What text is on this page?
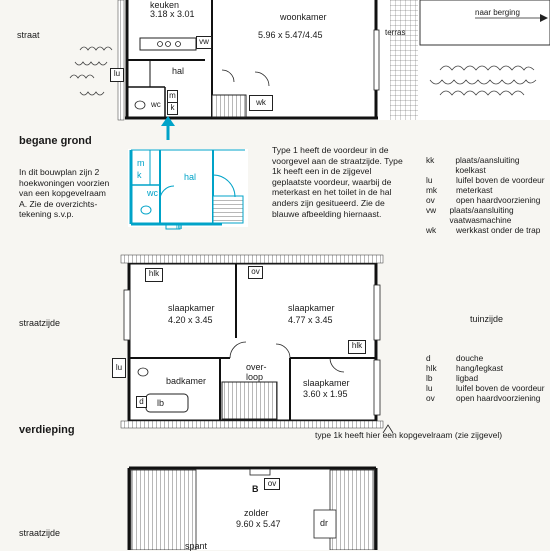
keuken
3.18 x 3.01	woonkamer
5.96 x 5.47/4.45
straat	terras
naar berging
hal
vw
wc
lu
m
k
wk
begane grond
In dit bouwplan zijn 2 hoekwoningen voorzien van een kopgevelraam A. Zie de overzichts-tekening s.v.p.
hal
m
k
wc
lu
Type 1 heeft de voordeur in de voorgevel aan de straatzijde. Type 1k heeft een in de zijgevel geplaatste voordeur, waarbij de meterkast en het toilet in de hal anders zijn gesitueerd. Zie de blauwe afbeelding hiernaast.
kk	plaats/aansluiting koelkast
lu	luifel boven de voordeur
mk	meterkast
ov	open haardvoorziening
vw	plaats/aansluiting vaatwasmachine
wk	werkkast onder de trap
hlk	ov
hlk
slaapkamer
4.20 x 3.45
slaapkamer
4.77 x 3.45
slaapkamer
3.60 x 1.95
badkamer
over-loop
lu
d	lb
straatzijde	tuinzijde
type 1k heeft hier een kopgevelraam (zie zijgevel)
d	douche
hlk	hang/legkast
lb	ligbad
lu	luifel boven de voordeur
ov	open haardvoorziening
verdieping
straatzijde
zolder
9.60 x 5.47
spant
B
ov
dr
